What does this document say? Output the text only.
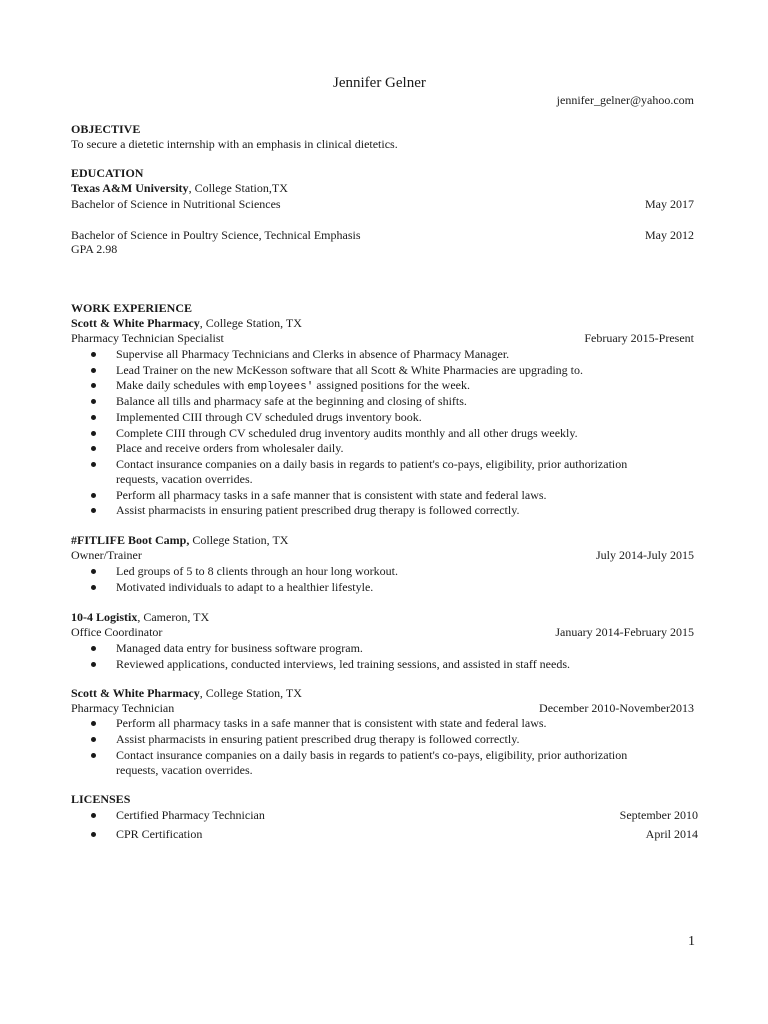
Jennifer Gelner
jennifer_gelner@yahoo.com
OBJECTIVE
To secure a dietetic internship with an emphasis in clinical dietetics.
EDUCATION
Texas A&M University, College Station,TX
Bachelor of Science in Nutritional Sciences	May 2017
Bachelor of Science in Poultry Science, Technical Emphasis	May 2012
GPA 2.98
WORK EXPERIENCE
Scott & White Pharmacy, College Station, TX
Pharmacy Technician Specialist	February 2015-Present
Supervise all Pharmacy Technicians and Clerks in absence of Pharmacy Manager.
Lead Trainer on the new McKesson software that all Scott & White Pharmacies are upgrading to.
Make daily schedules with employees' assigned positions for the week.
Balance all tills and pharmacy safe at the beginning and closing of shifts.
Implemented CIII through CV scheduled drugs inventory book.
Complete CIII through CV scheduled drug inventory audits monthly and all other drugs weekly.
Place and receive orders from wholesaler daily.
Contact insurance companies on a daily basis in regards to patient's co-pays, eligibility, prior authorization
requests, vacation overrides.
Perform all pharmacy tasks in a safe manner that is consistent with state and federal laws.
Assist pharmacists in ensuring patient prescribed drug therapy is followed correctly.
#FITLIFE Boot Camp, College Station, TX
Owner/Trainer	July 2014-July 2015
Led groups of 5 to 8 clients through an hour long workout.
Motivated individuals to adapt to a healthier lifestyle.
10-4 Logistix, Cameron, TX
Office Coordinator	January 2014-February 2015
Managed data entry for business software program.
Reviewed applications, conducted interviews, led training sessions, and assisted in staff needs.
Scott & White Pharmacy, College Station, TX
Pharmacy Technician	December 2010-November2013
Perform all pharmacy tasks in a safe manner that is consistent with state and federal laws.
Assist pharmacists in ensuring patient prescribed drug therapy is followed correctly.
Contact insurance companies on a daily basis in regards to patient's co-pays, eligibility, prior authorization
requests, vacation overrides.
LICENSES
Certified Pharmacy Technician	September 2010
CPR Certification	April 2014
1
